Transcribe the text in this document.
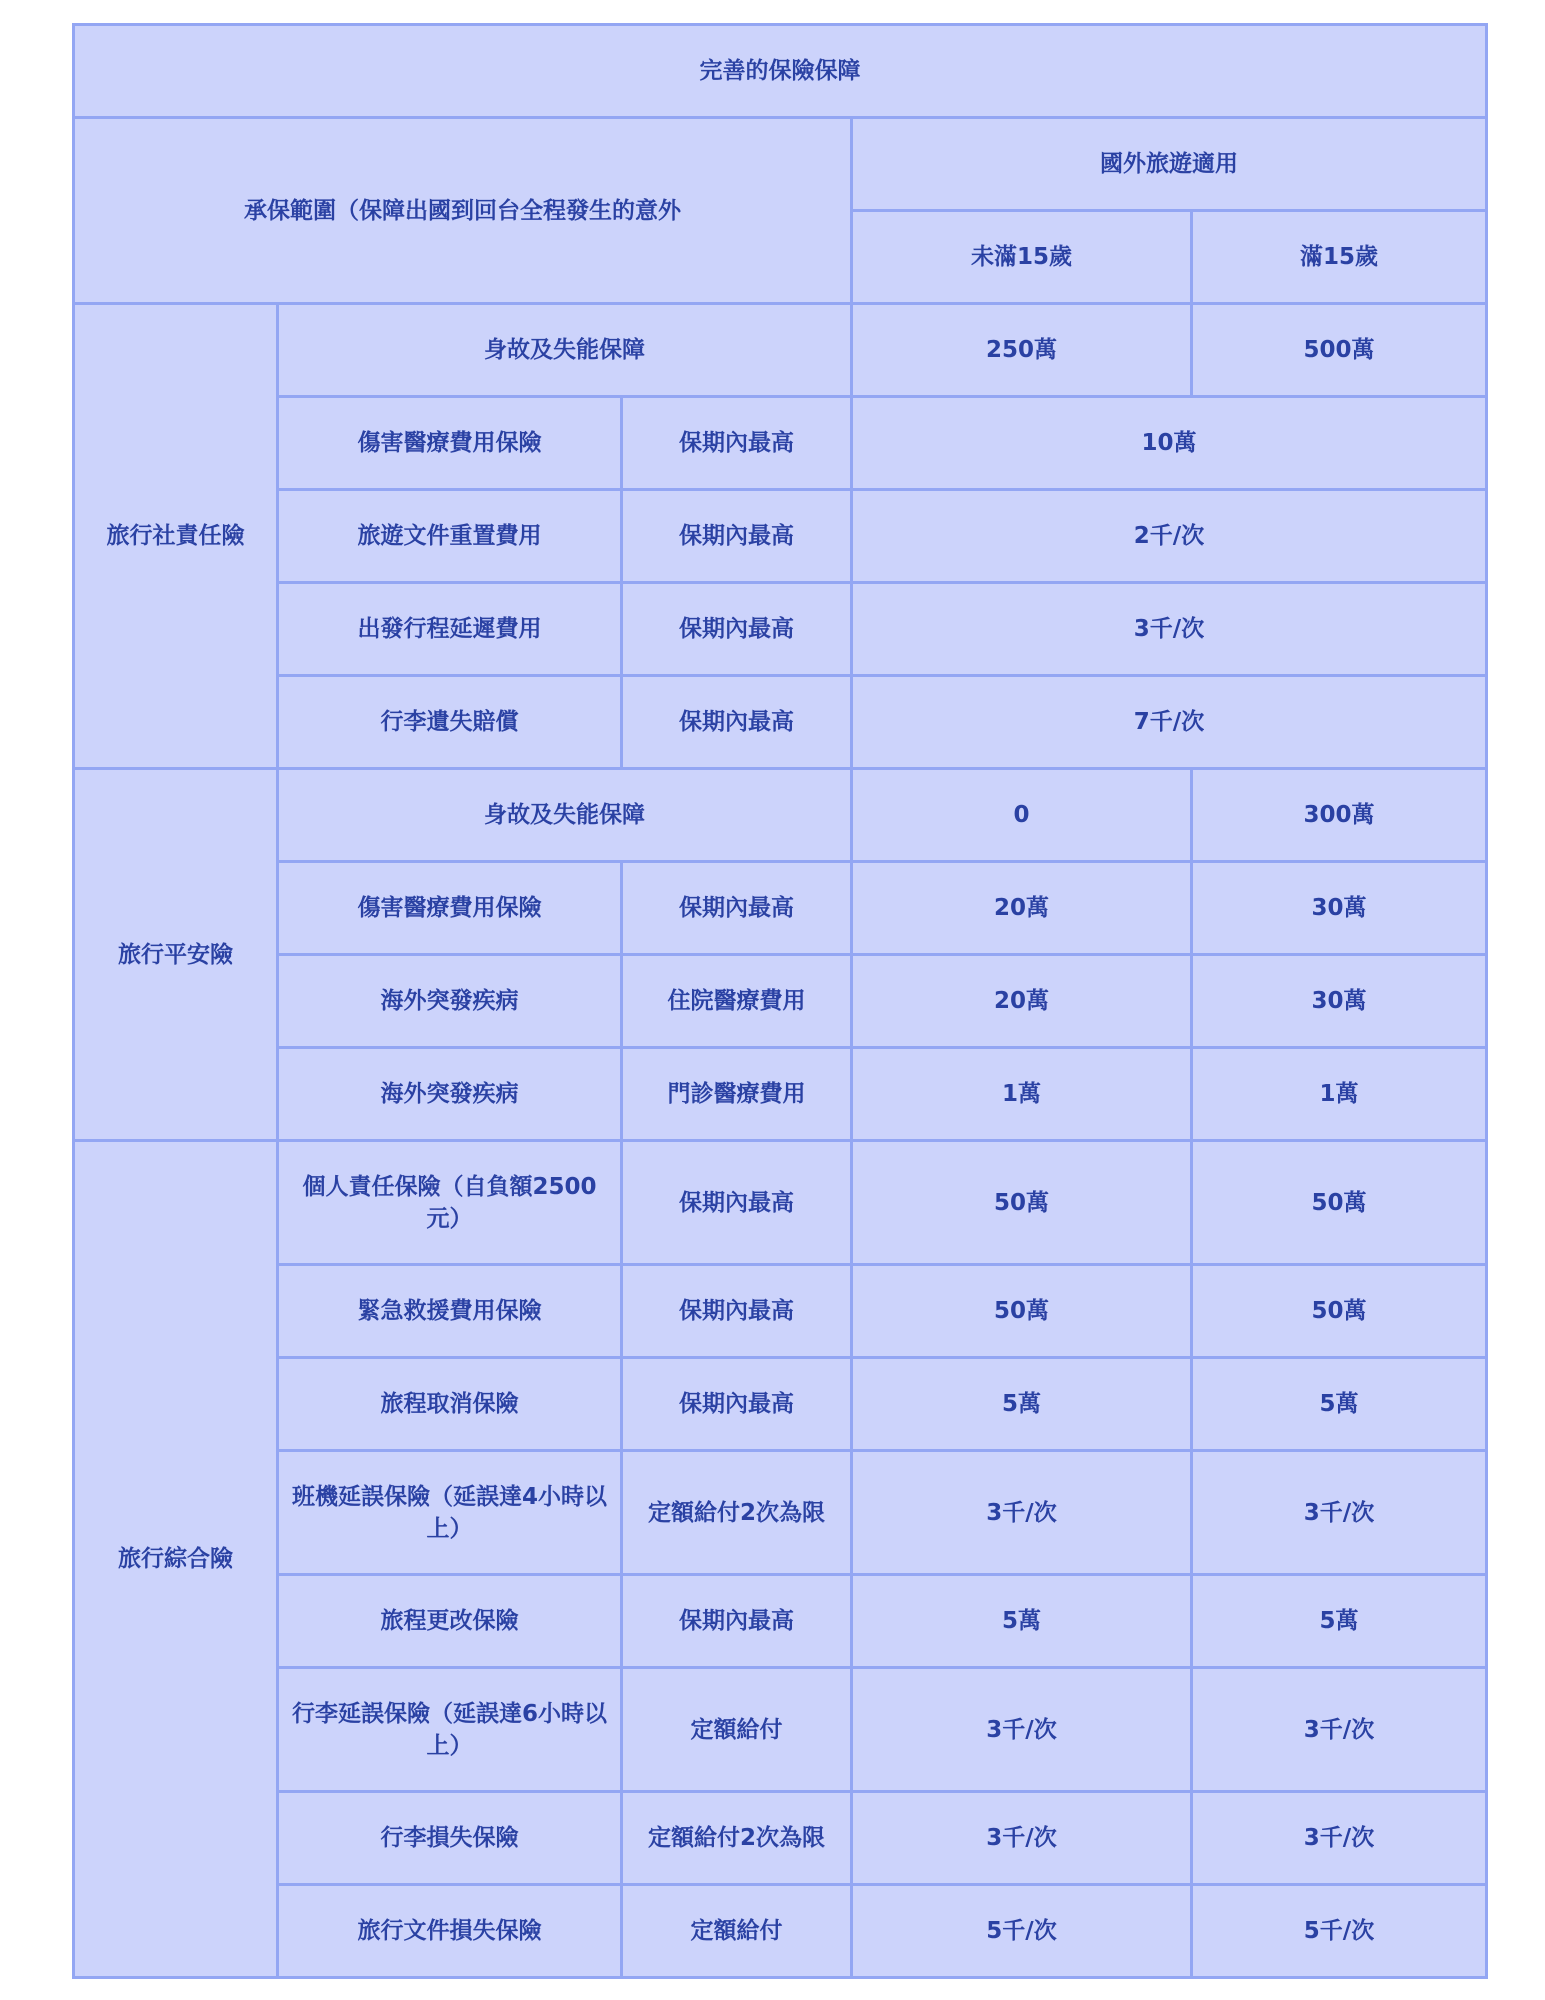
完善的保險保障				
承保範圍（保障出國到回台全程發生的意外			國外旅遊適用	
			未滿15歲	滿15歲
旅行社責任險	身故及失能保障		250萬	500萬
	傷害醫療費用保險	保期內最高	10萬	
	旅遊文件重置費用	保期內最高	2千/次	
	出發行程延遲費用	保期內最高	3千/次	
	行李遺失賠償	保期內最高	7千/次	
旅行平安險	身故及失能保障		0	300萬
	傷害醫療費用保險	保期內最高	20萬	30萬
	海外突發疾病	住院醫療費用	20萬	30萬
	海外突發疾病	門診醫療費用	1萬	1萬
旅行綜合險	個人責任保險（自負額2500元）	保期內最高	50萬	50萬
	緊急救援費用保險	保期內最高	50萬	50萬
	旅程取消保險	保期內最高	5萬	5萬
	班機延誤保險（延誤達4小時以上）	定額給付2次為限	3千/次	3千/次
	旅程更改保險	保期內最高	5萬	5萬
	行李延誤保險（延誤達6小時以上）	定額給付	3千/次	3千/次
	行李損失保險	定額給付2次為限	3千/次	3千/次
	旅行文件損失保險	定額給付	5千/次	5千/次
